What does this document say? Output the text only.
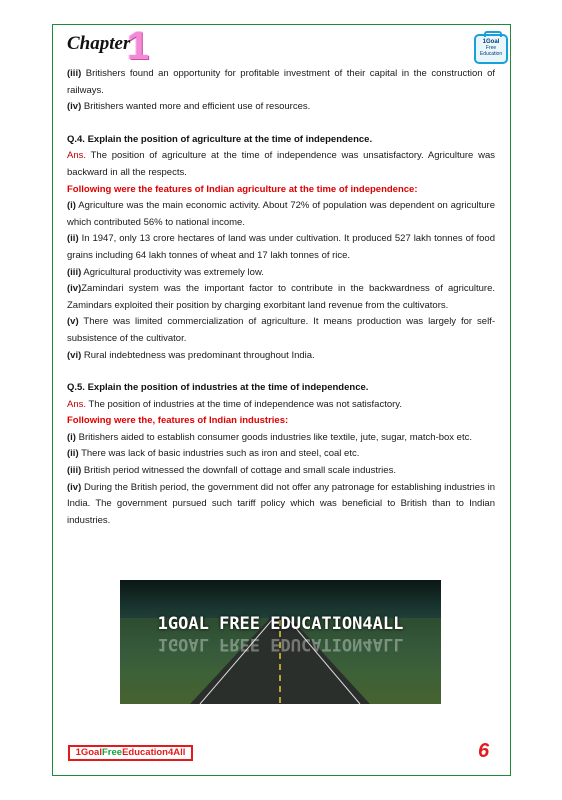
Chapter
1	1Goal
Free
Education

(iii) Britishers found an opportunity for profitable investment of their capital in the construction of railways.

(iv) Britishers wanted more and efficient use of resources.

Q.4. Explain the position of agriculture at the time of independence.

Ans. The position of agriculture at the time of independence was unsatisfactory. Agriculture was backward in all the respects.

Following were the features of Indian agriculture at the time of independence:

(i) Agriculture was the main economic activity. About 72% of population was dependent on agriculture which contributed 56% to national income.

(ii) In 1947, only 13 crore hectares of land was under cultivation. It produced 527 lakh tonnes of food grains including 64 lakh tonnes of wheat and 17 lakh tonnes of rice.

(iii) Agricultural productivity was extremely low.

(iv)Zamindari system was the important factor to contribute in the backwardness of agriculture. Zamindars exploited their position by charging exorbitant land revenue from the cultivators.

(v) There was limited commercialization of agriculture. It means production was largely for self-subsistence of the cultivator.

(vi) Rural indebtedness was predominant throughout India.

Q.5. Explain the position of industries at the time of independence.

Ans. The position of industries at the time of independence was not satisfactory.

Following were the, features of Indian industries:

(i) Britishers aided to establish consumer goods industries like textile, jute, sugar, match-box etc.

(ii) There was lack of basic industries such as iron and steel, coal etc.

(iii) British period witnessed the downfall of cottage and small scale industries.

(iv) During the British period, the government did not offer any patronage for establishing industries in India. The government pursued such tariff policy which was beneficial to British than to Indian industries.

1GOAL FREE EDUCATION4ALL
1GOAL FREE EDUCATION4ALL
1GoalFreeEducation4All	6
